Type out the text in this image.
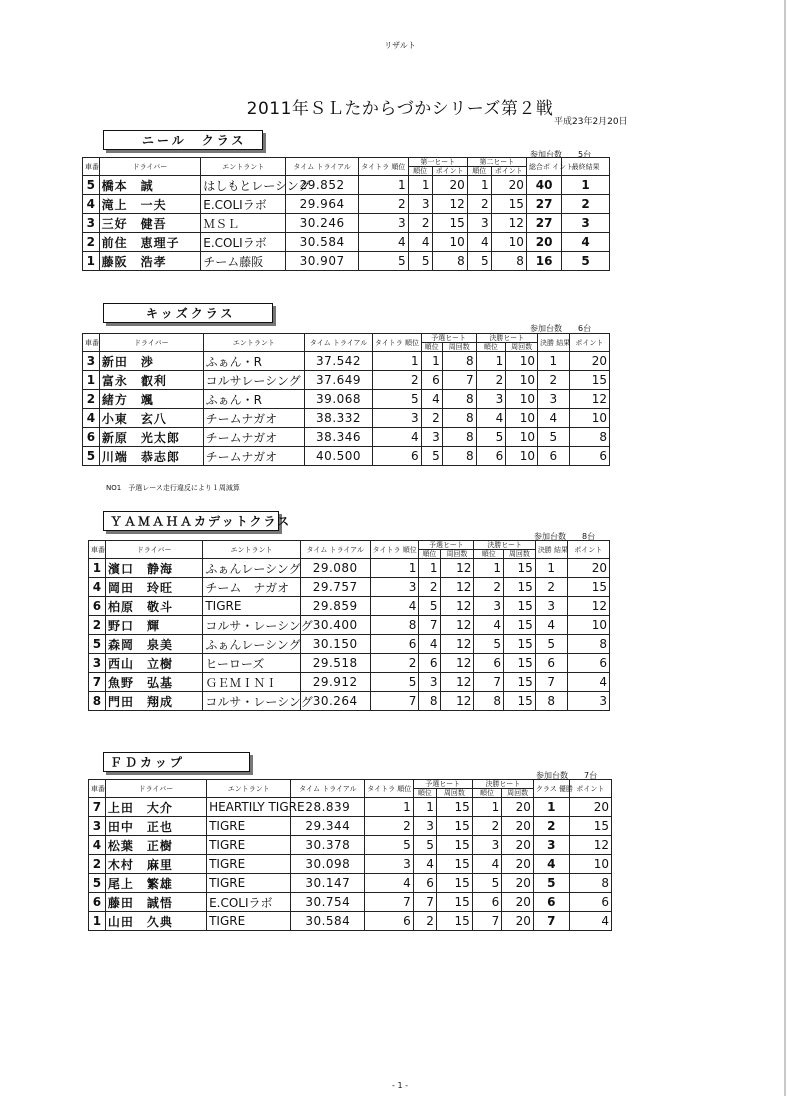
リザルト
2011年ＳＬたからづかシリーズ第２戦
平成23年2月20日
ニール　クラス
参加台数　　5台
車番	ドライバー	エントラント	タイム トライアル	タイトラ 順位	第一ヒート		第二ヒート		総合ポ イント	最終結果
					順位	ポイント	順位	ポイント		
5	橋本　誠	はしもとレーシング	29.852	1	1	20	1	20	40	1
4	滝上　一夫	E.COLIラボ	29.964	2	3	12	2	15	27	2
3	三好　健吾	ＭＳＬ	30.246	3	2	15	3	12	27	3
2	前住　恵理子	E.COLIラボ	30.584	4	4	10	4	10	20	4
1	藤阪　浩孝	チーム藤阪	30.907	5	5	8	5	8	16	5
キッズクラス
参加台数　　6台
車番	ドライバー	エントラント	タイム トライアル	タイトラ 順位	予選ヒート		決勝ヒート		決勝 結果	ポイント
					順位	周回数	順位	周回数		
3	新田　渉	ふぁん・R	37.542	1	1	8	1	10	1	20
1	富永　叡利	コルサレーシング	37.649	2	6	7	2	10	2	15
2	緒方　颯	ふぁん・R	39.068	5	4	8	3	10	3	12
4	小東　玄八	チームナガオ	38.332	3	2	8	4	10	4	10
6	新原　光太郎	チームナガオ	38.346	4	3	8	5	10	5	8
5	川端　恭志郎	チームナガオ	40.500	6	5	8	6	10	6	6
NO1　予選レース走行違反により１周減算
ＹＡＭＡＨＡカデットクラス
参加台数　　8台
車番	ドライバー	エントラント	タイム トライアル	タイトラ 順位	予選ヒート		決勝ヒート		決勝 結果	ポイント
					順位	周回数	順位	周回数		
1	濱口　静海	ふぁんレーシング	29.080	1	1	12	1	15	1	20
4	岡田　玲旺	チーム　ナガオ	29.757	3	2	12	2	15	2	15
6	柏原　敬斗	TIGRE	29.859	4	5	12	3	15	3	12
2	野口　輝	コルサ・レーシング	30.400	8	7	12	4	15	4	10
5	森岡　泉美	ふぁんレーシング	30.150	6	4	12	5	15	5	8
3	西山　立樹	ヒーローズ	29.518	2	6	12	6	15	6	6
7	魚野　弘基	ＧＥＭＩＮＩ	29.912	5	3	12	7	15	7	4
8	門田　翔成	コルサ・レーシング	30.264	7	8	12	8	15	8	3
ＦＤカップ
参加台数　　7台
車番	ドライバー	エントラント	タイム トライアル	タイトラ 順位	予選ヒート		決勝ヒート		クラス 優勝	ポイント
					順位	周回数	順位	周回数		
7	上田　大介	HEARTILY TIGRE	28.839	1	1	15	1	20	1	20
3	田中　正也	TIGRE	29.344	2	3	15	2	20	2	15
4	松葉　正樹	TIGRE	30.378	5	5	15	3	20	3	12
2	木村　麻里	TIGRE	30.098	3	4	15	4	20	4	10
5	尾上　繁雄	TIGRE	30.147	4	6	15	5	20	5	8
6	藤田　誠悟	E.COLIラボ	30.754	7	7	15	6	20	6	6
1	山田　久典	TIGRE	30.584	6	2	15	7	20	7	4
- 1 -
